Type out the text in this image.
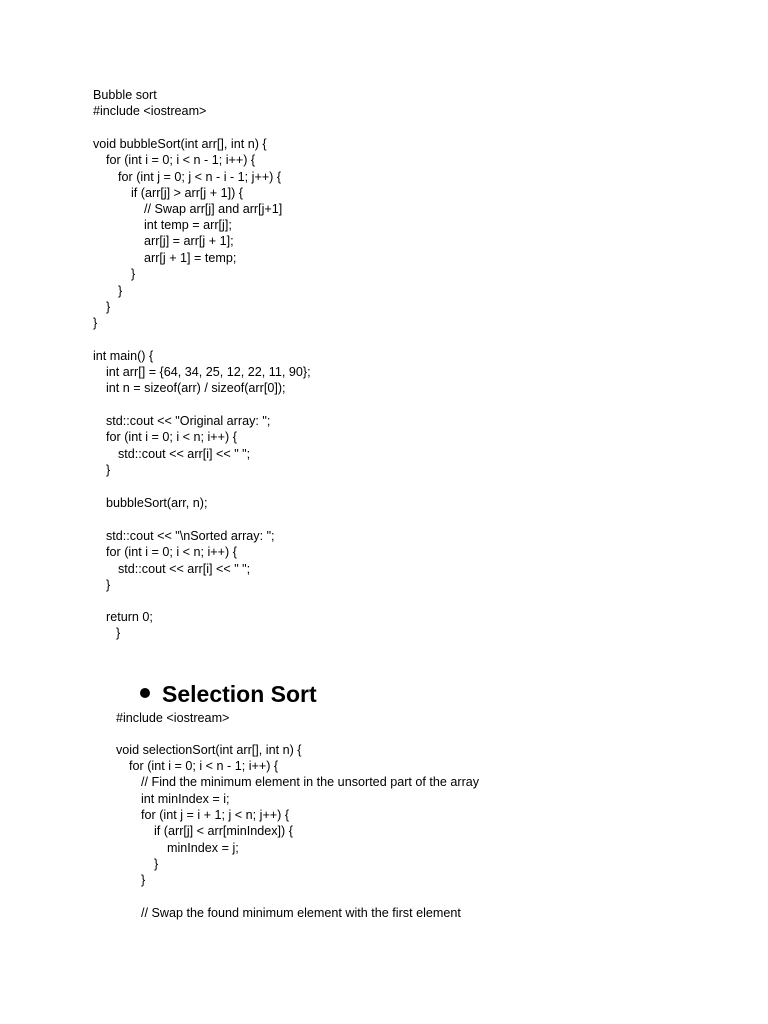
Bubble sort
#include <iostream>
void bubbleSort(int arr[], int n) {
for (int i = 0; i < n - 1; i++) {
for (int j = 0; j < n - i - 1; j++) {
if (arr[j] > arr[j + 1]) {
// Swap arr[j] and arr[j+1]
int temp = arr[j];
arr[j] = arr[j + 1];
arr[j + 1] = temp;
}
}
}
}
int main() {
int arr[] = {64, 34, 25, 12, 22, 11, 90};
int n = sizeof(arr) / sizeof(arr[0]);
std::cout << "Original array: ";
for (int i = 0; i < n; i++) {
std::cout << arr[i] << " ";
}
bubbleSort(arr, n);
std::cout << "\nSorted array: ";
for (int i = 0; i < n; i++) {
std::cout << arr[i] << " ";
}
return 0;
}
Selection Sort
#include <iostream>
void selectionSort(int arr[], int n) {
for (int i = 0; i < n - 1; i++) {
// Find the minimum element in the unsorted part of the array
int minIndex = i;
for (int j = i + 1; j < n; j++) {
if (arr[j] < arr[minIndex]) {
minIndex = j;
}
}
// Swap the found minimum element with the first element
